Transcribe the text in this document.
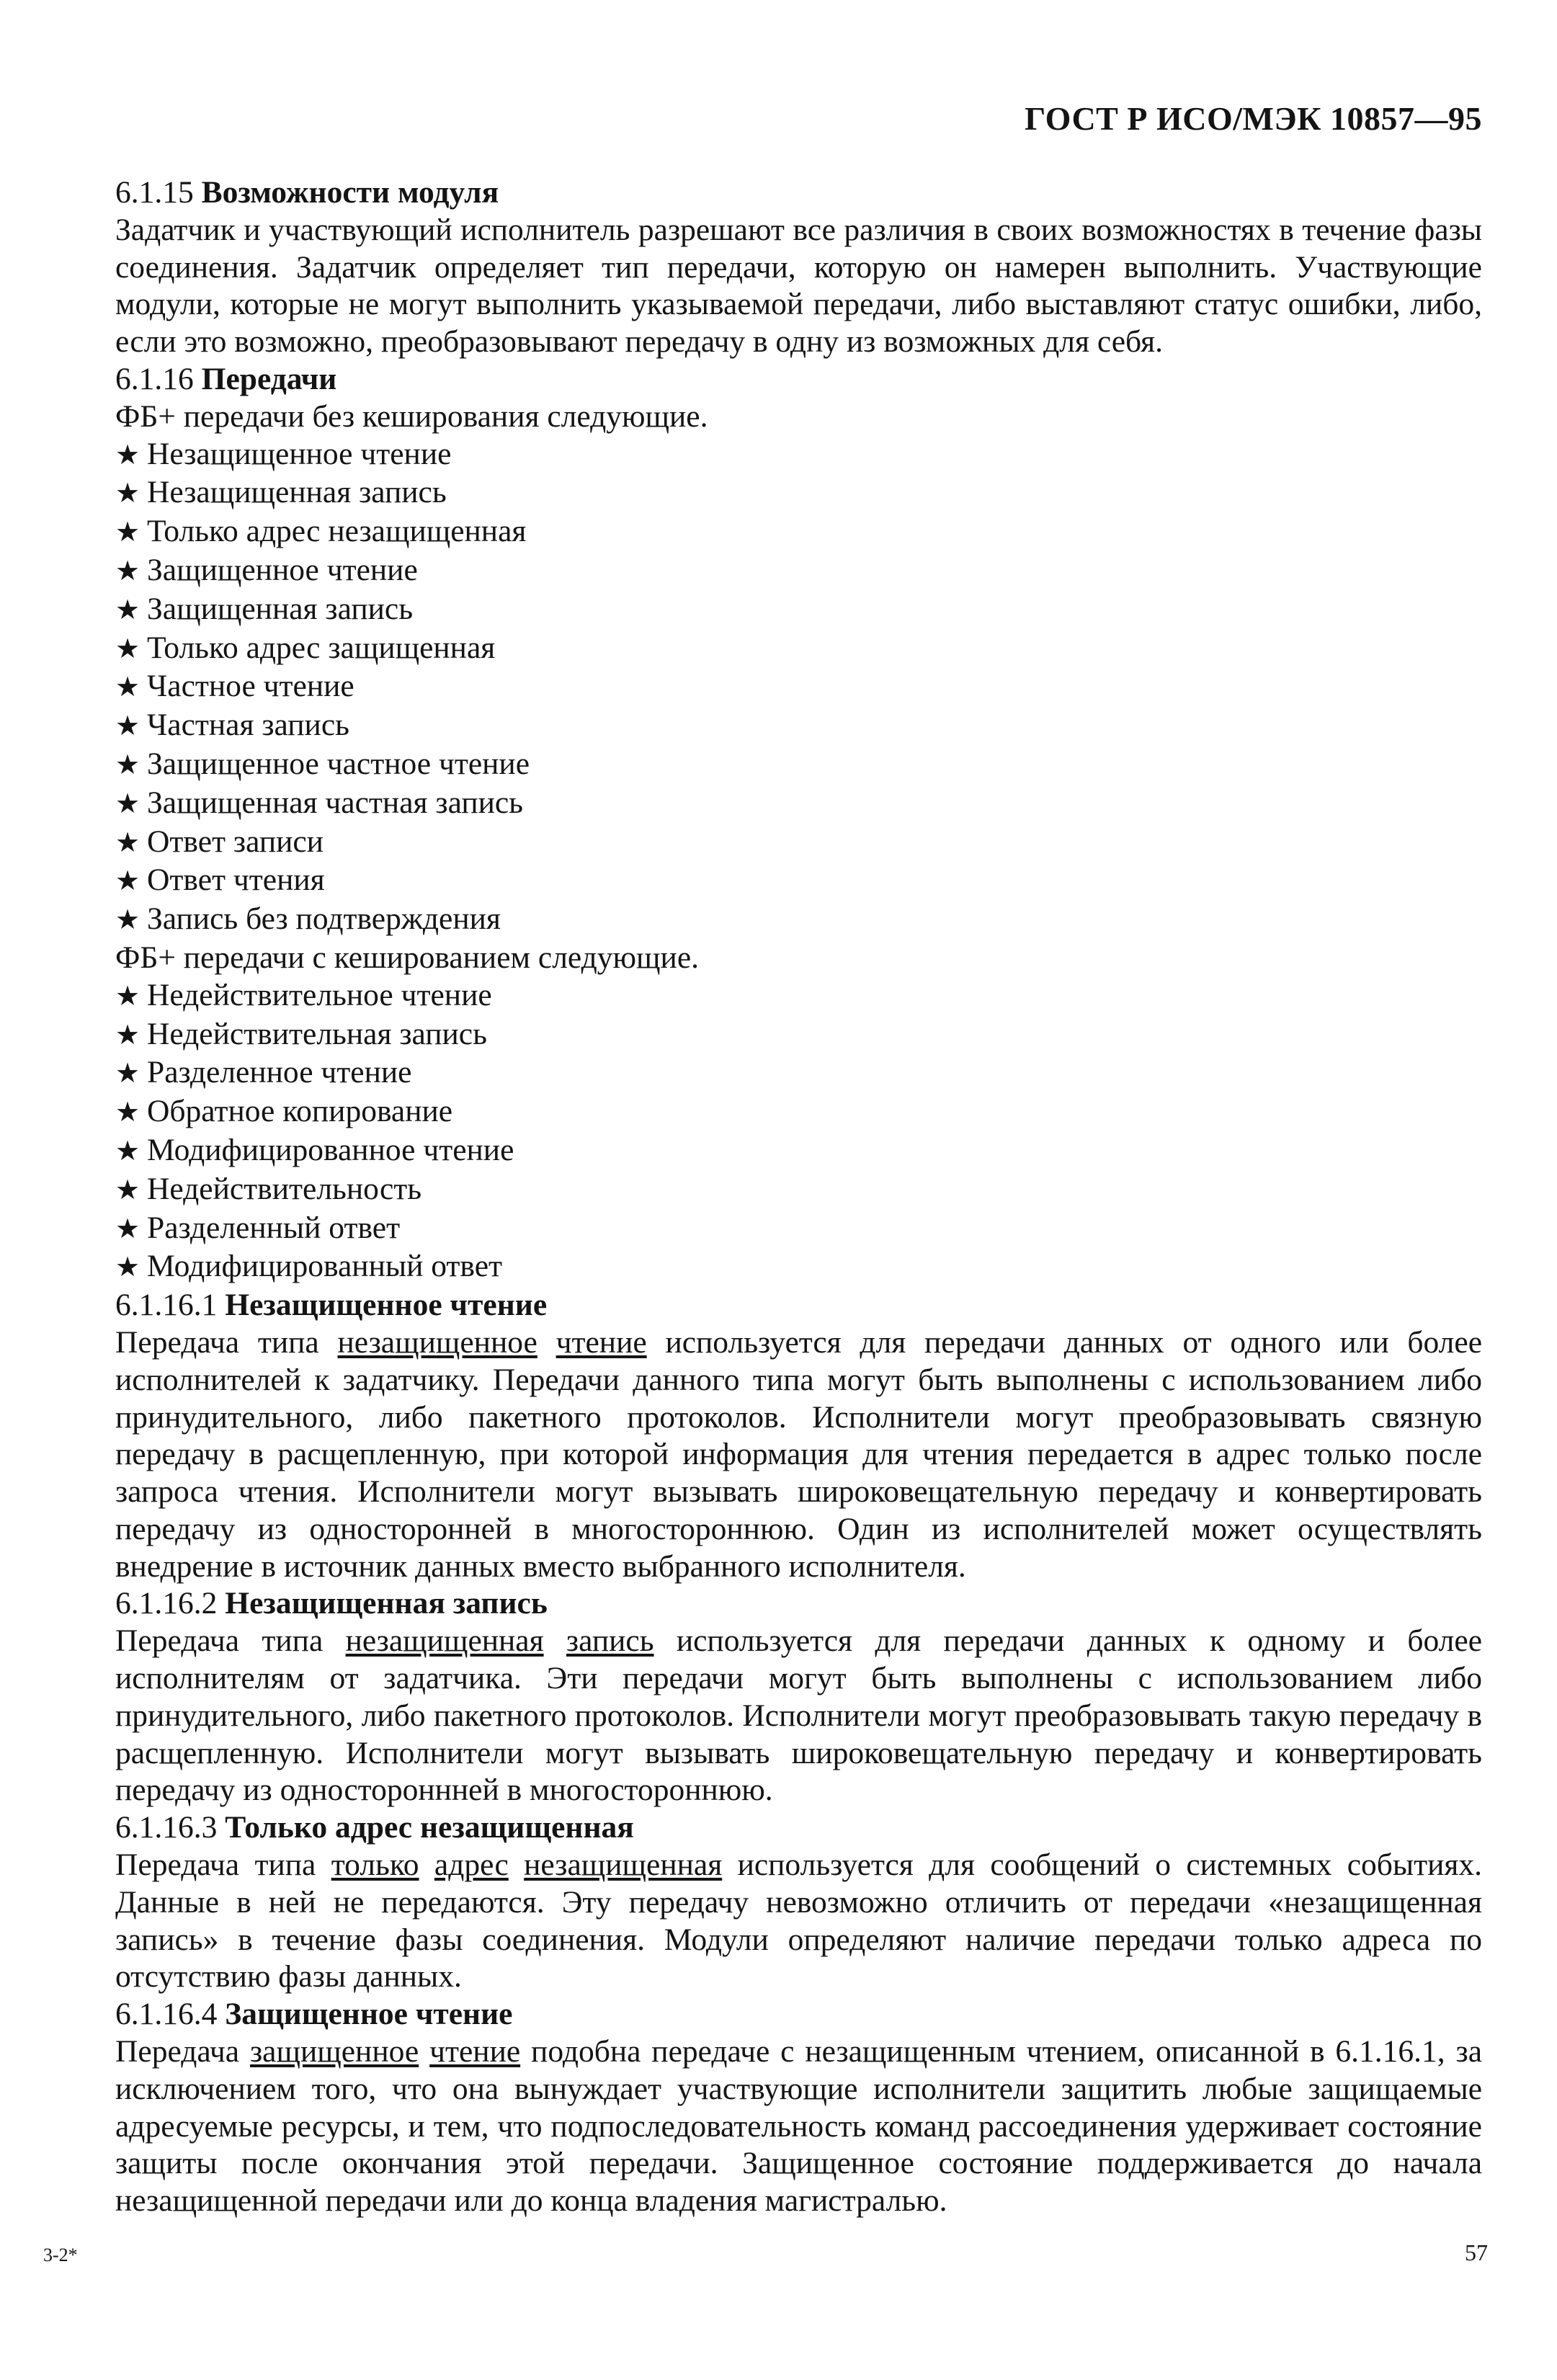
ГОСТ Р ИСО/МЭК 10857—95

6.1.15 Возможности модуля

Задатчик и участвующий исполнитель разрешают все различия в своих возможностях в течение фазы соединения. Задатчик определяет тип передачи, которую он намерен выполнить. Участвующие модули, которые не могут выполнить указываемой передачи, либо выставляют статус ошибки, либо, если это возможно, преобразовывают передачу в одну из возможных для себя.

6.1.16 Передачи

ФБ+ передачи без кеширования следующие.

★ Незащищенное чтение
★ Незащищенная запись
★ Только адрес незащищенная
★ Защищенное чтение
★ Защищенная запись
★ Только адрес защищенная
★ Частное чтение
★ Частная запись
★ Защищенное частное чтение
★ Защищенная частная запись
★ Ответ записи
★ Ответ чтения
★ Запись без подтверждения

ФБ+ передачи с кешированием следующие.

★ Недействительное чтение
★ Недействительная запись
★ Разделенное чтение
★ Обратное копирование
★ Модифицированное чтение
★ Недействительность
★ Разделенный ответ
★ Модифицированный ответ

6.1.16.1 Незащищенное чтение

Передача типа незащищенное чтение используется для передачи данных от одного или более исполнителей к задатчику. Передачи данного типа могут быть выполнены с использованием либо принудительного, либо пакетного протоколов. Исполнители могут преобразовывать связную передачу в расщепленную, при которой информация для чтения передается в адрес только после запроса чтения. Исполнители могут вызывать широковещательную передачу и конвертировать передачу из односторонней в многостороннюю. Один из исполнителей может осуществлять внедрение в источник данных вместо выбранного исполнителя.

6.1.16.2 Незащищенная запись

Передача типа незащищенная запись используется для передачи данных к одному и более исполнителям от задатчика. Эти передачи могут быть выполнены с использованием либо принудительного, либо пакетного протоколов. Исполнители могут преобразовывать такую передачу в расщепленную. Исполнители могут вызывать широковещательную передачу и конвертировать передачу из одностороннней в многостороннюю.

6.1.16.3 Только адрес незащищенная

Передача типа только адрес незащищенная используется для сообщений о системных событиях. Данные в ней не передаются. Эту передачу невозможно отличить от передачи «незащищенная запись» в течение фазы соединения. Модули определяют наличие передачи только адреса по отсутствию фазы данных.

6.1.16.4 Защищенное чтение

Передача защищенное чтение подобна передаче с незащищенным чтением, описанной в 6.1.16.1, за исключением того, что она вынуждает участвующие исполнители защитить любые защищаемые адресуемые ресурсы, и тем, что подпоследовательность команд рассоединения удерживает состояние защиты после окончания этой передачи. Защищенное состояние поддерживается до начала незащищенной передачи или до конца владения магистралью.

3-2*	57
